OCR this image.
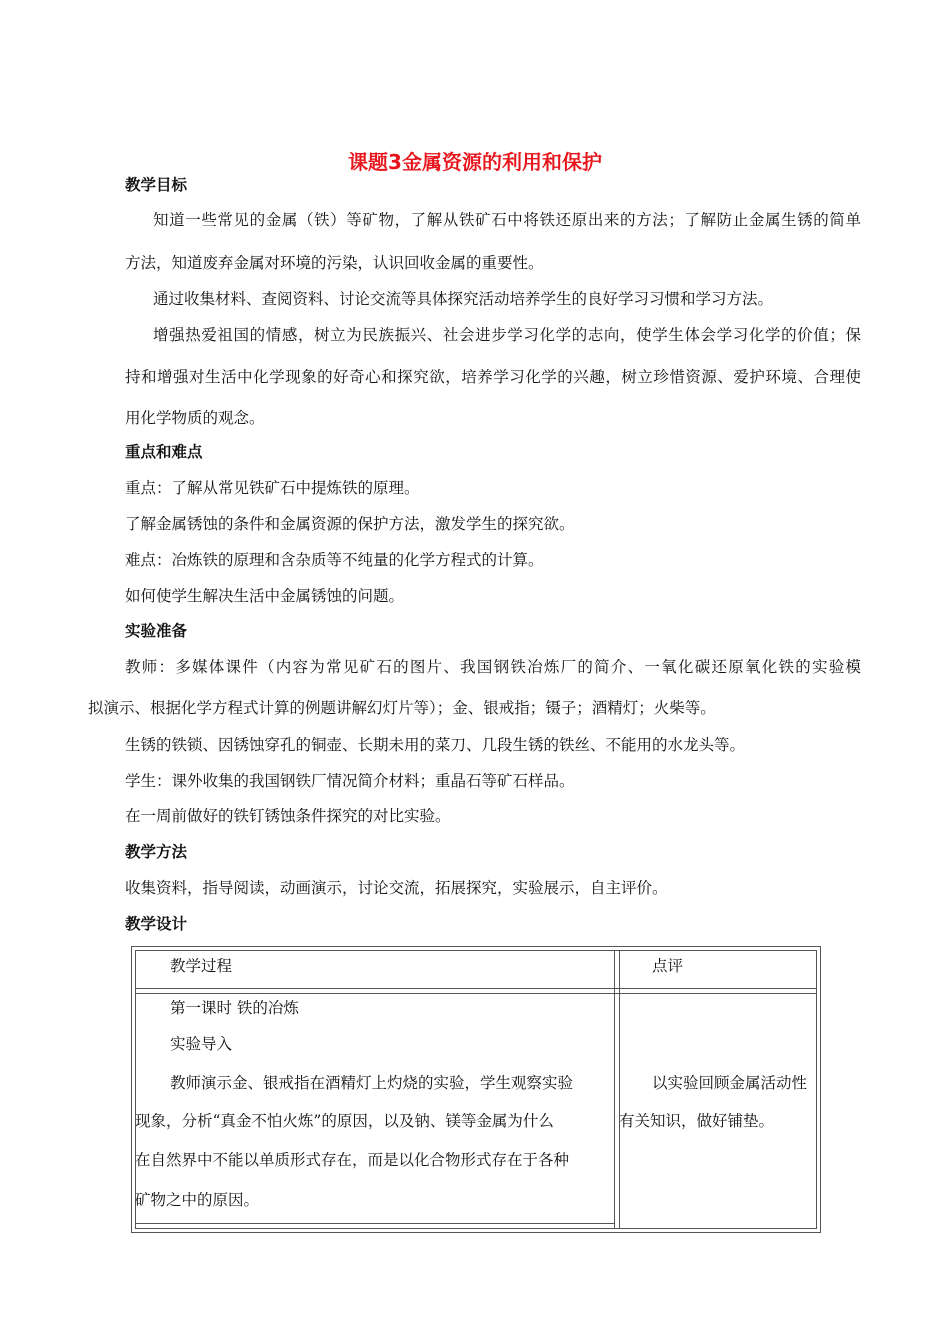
课题3金属资源的利用和保护
教学目标
知道一些常见的金属（铁）等矿物，了解从铁矿石中将铁还原出来的方法；了解防止金属生锈的简单
方法，知道废弃金属对环境的污染，认识回收金属的重要性。
通过收集材料、查阅资料、讨论交流等具体探究活动培养学生的良好学习习惯和学习方法。
增强热爱祖国的情感，树立为民族振兴、社会进步学习化学的志向，使学生体会学习化学的价值；保
持和增强对生活中化学现象的好奇心和探究欲，培养学习化学的兴趣，树立珍惜资源、爱护环境、合理使
用化学物质的观念。
重点和难点
重点：了解从常见铁矿石中提炼铁的原理。
了解金属锈蚀的条件和金属资源的保护方法，激发学生的探究欲。
难点：冶炼铁的原理和含杂质等不纯量的化学方程式的计算。
如何使学生解决生活中金属锈蚀的问题。
实验准备
教师：多媒体课件（内容为常见矿石的图片、我国钢铁冶炼厂的简介、一氧化碳还原氧化铁的实验模
拟演示、根据化学方程式计算的例题讲解幻灯片等）；金、银戒指；镊子；酒精灯；火柴等。
生锈的铁锁、因锈蚀穿孔的铜壶、长期未用的菜刀、几段生锈的铁丝、不能用的水龙头等。
学生：课外收集的我国钢铁厂情况简介材料；重晶石等矿石样品。
在一周前做好的铁钉锈蚀条件探究的对比实验。
教学方法
收集资料，指导阅读，动画演示，讨论交流，拓展探究，实验展示，自主评价。
教学设计
教学过程	点评
第一课时 铁的冶炼
实验导入
教师演示金、银戒指在酒精灯上灼烧的实验，学生观察实验
现象，分析“真金不怕火炼”的原因，以及钠、镁等金属为什么
在自然界中不能以单质形式存在，而是以化合物形式存在于各种
矿物之中的原因。
以实验回顾金属活动性
有关知识，做好铺垫。
